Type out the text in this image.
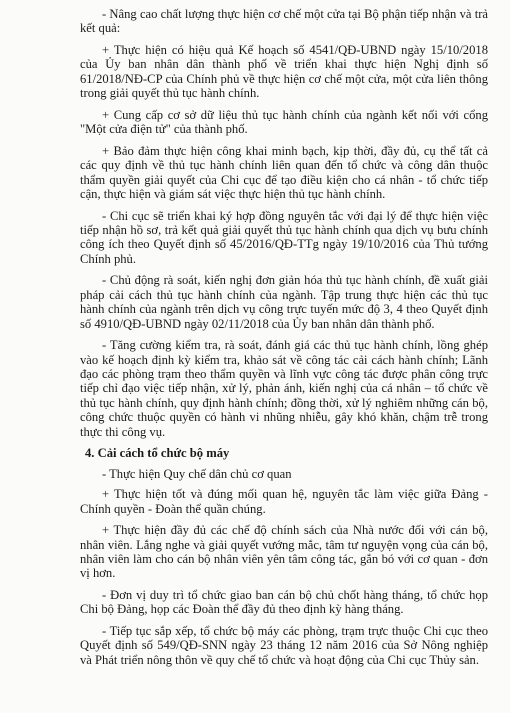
- Nâng cao chất lượng thực hiện cơ chế một cửa tại Bộ phận tiếp nhận và trả kết quả:

+ Thực hiện có hiệu quả Kế hoạch số 4541/QĐ-UBND ngày 15/10/2018 của Ủy ban nhân dân thành phố về triển khai thực hiện Nghị định số 61/2018/NĐ-CP của Chính phủ về thực hiện cơ chế một cửa, một cửa liên thông trong giải quyết thủ tục hành chính.

+ Cung cấp cơ sở dữ liệu thủ tục hành chính của ngành kết nối với cổng "Một cửa điện tử" của thành phố.

+ Bảo đảm thực hiện công khai minh bạch, kịp thời, đầy đủ, cụ thể tất cả các quy định về thủ tục hành chính liên quan đến tổ chức và công dân thuộc thẩm quyền giải quyết của Chi cục để tạo điều kiện cho cá nhân - tổ chức tiếp cận, thực hiện và giám sát việc thực hiện thủ tục hành chính.

- Chi cục sẽ triển khai ký hợp đồng nguyên tắc với đại lý để thực hiện việc tiếp nhận hồ sơ, trả kết quả giải quyết thủ tục hành chính qua dịch vụ bưu chính công ích theo Quyết định số 45/2016/QĐ-TTg ngày 19/10/2016 của Thủ tướng Chính phủ.

- Chủ động rà soát, kiến nghị đơn giản hóa thủ tục hành chính, đề xuất giải pháp cải cách thủ tục hành chính của ngành. Tập trung thực hiện các thủ tục hành chính của ngành trên dịch vụ công trực tuyến mức độ 3, 4 theo Quyết định số 4910/QĐ-UBND ngày 02/11/2018 của Ủy ban nhân dân thành phố.

- Tăng cường kiểm tra, rà soát, đánh giá các thủ tục hành chính, lồng ghép vào kế hoạch định kỳ kiểm tra, khảo sát về công tác cải cách hành chính; Lãnh đạo các phòng trạm theo thẩm quyền và lĩnh vực công tác được phân công trực tiếp chỉ đạo việc tiếp nhận, xử lý, phản ánh, kiến nghị của cá nhân – tổ chức về thủ tục hành chính, quy định hành chính; đồng thời, xử lý nghiêm những cán bộ, công chức thuộc quyền có hành vi nhũng nhiễu, gây khó khăn, chậm trễ trong thực thi công vụ.

4. Cải cách tổ chức bộ máy

- Thực hiện Quy chế dân chủ cơ quan

+ Thực hiện tốt và đúng mối quan hệ, nguyên tắc làm việc giữa Đảng - Chính quyền - Đoàn thể quần chúng.

+ Thực hiện đầy đủ các chế độ chính sách của Nhà nước đối với cán bộ, nhân viên. Lắng nghe và giải quyết vướng mắc, tâm tư nguyện vọng của cán bộ, nhân viên làm cho cán bộ nhân viên yên tâm công tác, gắn bó với cơ quan - đơn vị hơn.

- Đơn vị duy trì tổ chức giao ban cán bộ chủ chốt hàng tháng, tổ chức họp Chi bộ Đảng, họp các Đoàn thể đầy đủ theo định kỳ hàng tháng.

- Tiếp tục sắp xếp, tổ chức bộ máy các phòng, trạm trực thuộc Chi cục theo Quyết định số 549/QĐ-SNN ngày 23 tháng 12 năm 2016 của Sở Nông nghiệp và Phát triển nông thôn về quy chế tổ chức và hoạt động của Chi cục Thủy sản.
